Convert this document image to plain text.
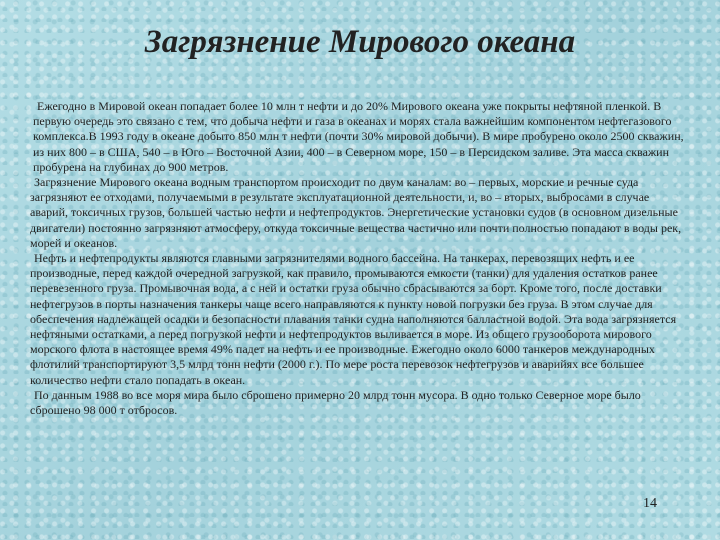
Загрязнение Мирового океана

Ежегодно в Мировой океан попадает более 10 млн т нефти и до 20% Мирового океана уже покрыты нефтяной пленкой. В первую очередь это связано с тем, что добыча нефти и газа в океанах и морях стала важнейшим компонентом нефтегазового комплекса.В 1993 году в океане добыто 850 млн т нефти (почти 30% мировой добычи). В мире пробурено около 2500 скважин, из них 800 – в США, 540 – в Юго – Восточной Азии, 400 – в Северном море, 150 – в Персидском заливе. Эта масса скважин пробурена на глубинах до 900 метров.

Загрязнение Мирового океана водным транспортом происходит по двум каналам: во – первых, морские и речные суда загрязняют ее отходами, получаемыми в результате эксплуатационной деятельности, и, во – вторых, выбросами в случае аварий, токсичных грузов, большей частью нефти и нефтепродуктов. Энергетические установки судов (в основном дизельные двигатели) постоянно загрязняют атмосферу, откуда токсичные вещества частично или почти полностью попадают в воды рек, морей и океанов.

Нефть и нефтепродукты являются главными загрязнителями водного бассейна. На танкерах, перевозящих нефть и ее производные, перед каждой очередной загрузкой, как правило, промываются емкости (танки) для удаления остатков ранее перевезенного груза. Промывочная вода, а с ней и остатки груза обычно сбрасываются за борт. Кроме того, после доставки нефтегрузов в порты назначения танкеры чаще всего направляются к пункту новой погрузки без груза. В этом случае для обеспечения надлежащей осадки и безопасности плавания танки судна наполняются балластной водой. Эта вода загрязняется нефтяными остатками, а перед погрузкой нефти и нефтепродуктов выливается в море. Из общего грузооборота мирового морского флота в настоящее время 49% падет на нефть и ее производные. Ежегодно около 6000 танкеров международных флотилий транспортируют 3,5 млрд тонн нефти (2000 г.). По мере роста перевозок нефтегрузов и аварийях все большее количество нефти стало попадать в океан.

По данным 1988 во все моря мира было сброшено примерно 20 млрд тонн мусора. В одно только Северное море было сброшено 98 000 т отбросов.

14
